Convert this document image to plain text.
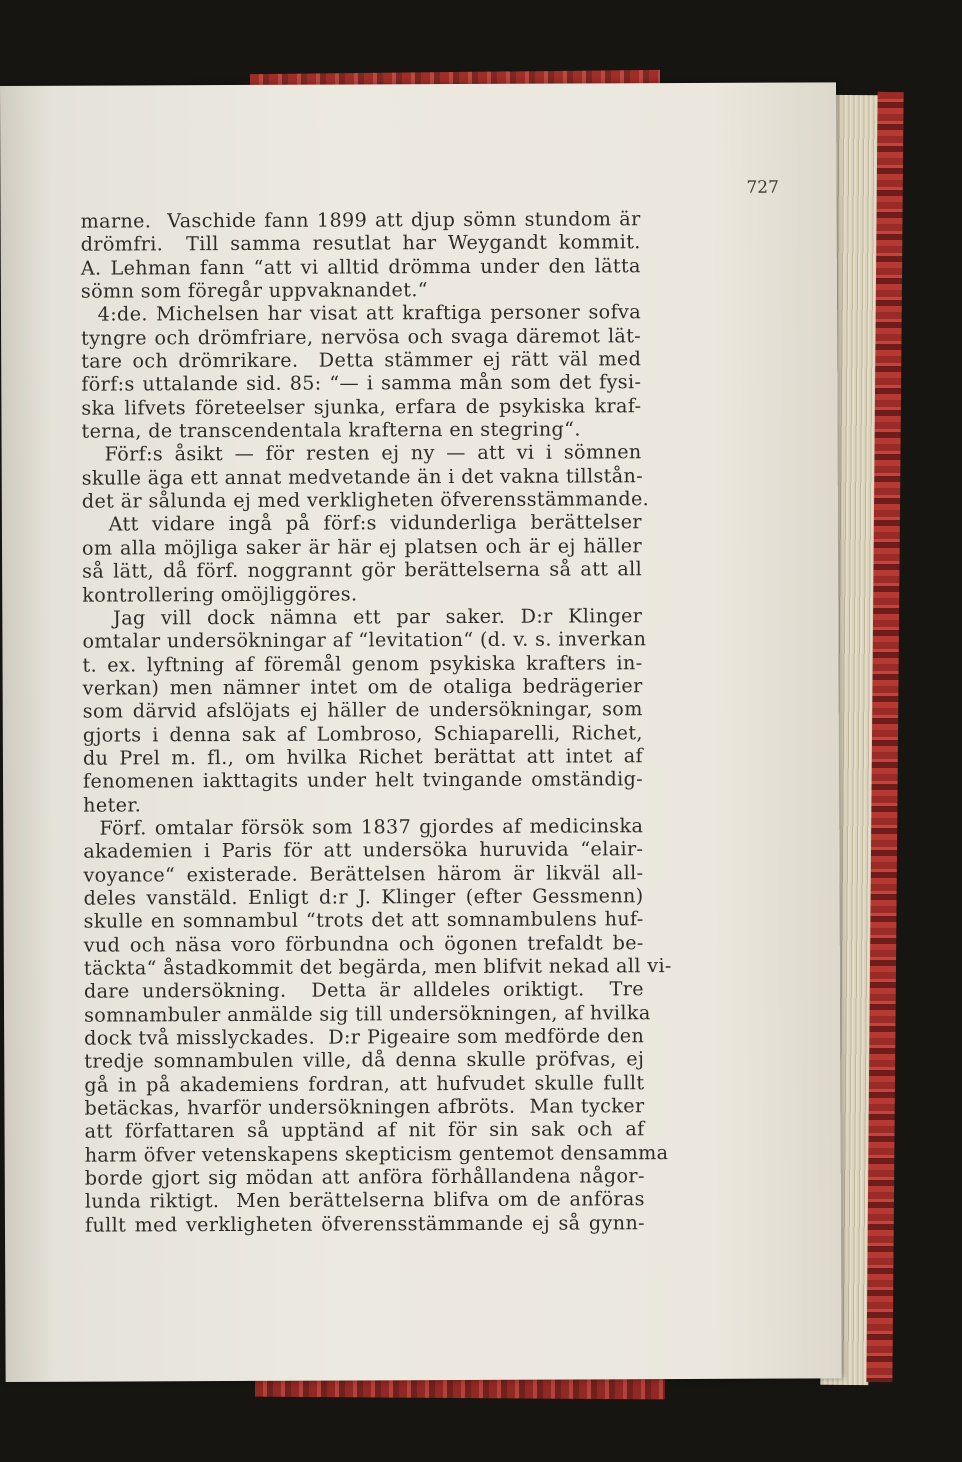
727
marne.  Vaschide fann 1899 att djup sömn stundom är
drömfri.  Till samma resutlat har Weygandt kommit.
A. Lehman fann “att vi alltid drömma under den lätta
sömn som föregår uppvaknandet.“
4:de. Michelsen har visat att kraftiga personer sofva
tyngre och drömfriare, nervösa och svaga däremot lät-
tare och drömrikare.  Detta stämmer ej rätt väl med
förf:s uttalande sid. 85: “— i samma mån som det fysi-
ska lifvets företeelser sjunka, erfara de psykiska kraf-
terna, de transcendentala krafterna en stegring“.
Förf:s åsikt — för resten ej ny — att vi i sömnen
skulle äga ett annat medvetande än i det vakna tillstån-
det är sålunda ej med verkligheten öfverensstämmande.
Att vidare ingå på förf:s vidunderliga berättelser
om alla möjliga saker är här ej platsen och är ej häller
så lätt, då förf. noggrannt gör berättelserna så att all
kontrollering omöjliggöres.
Jag vill dock nämna ett par saker. D:r Klinger
omtalar undersökningar af “levitation“ (d. v. s. inverkan
t. ex. lyftning af föremål genom psykiska krafters in-
verkan) men nämner intet om de otaliga bedrägerier
som därvid afslöjats ej häller de undersökningar, som
gjorts i denna sak af Lombroso, Schiaparelli, Richet,
du Prel m. fl., om hvilka Richet berättat att intet af
fenomenen iakttagits under helt tvingande omständig-
heter.
Förf. omtalar försök som 1837 gjordes af medicinska
akademien i Paris för att undersöka huruvida “elair-
voyance“ existerade. Berättelsen härom är likväl all-
deles vanstäld. Enligt d:r J. Klinger (efter Gessmenn)
skulle en somnambul “trots det att somnambulens huf-
vud och näsa voro förbundna och ögonen trefaldt be-
täckta“ åstadkommit det begärda, men blifvit nekad all vi-
dare undersökning.  Detta är alldeles oriktigt.  Tre
somnambuler anmälde sig till undersökningen, af hvilka
dock två misslyckades.  D:r Pigeaire som medförde den
tredje somnambulen ville, då denna skulle pröfvas, ej
gå in på akademiens fordran, att hufvudet skulle fullt
betäckas, hvarför undersökningen afbröts.  Man tycker
att författaren så upptänd af nit för sin sak och af
harm öfver vetenskapens skepticism gentemot densamma
borde gjort sig mödan att anföra förhållandena någor-
lunda riktigt.  Men berättelserna blifva om de anföras
fullt med verkligheten öfverensstämmande ej så gynn-
